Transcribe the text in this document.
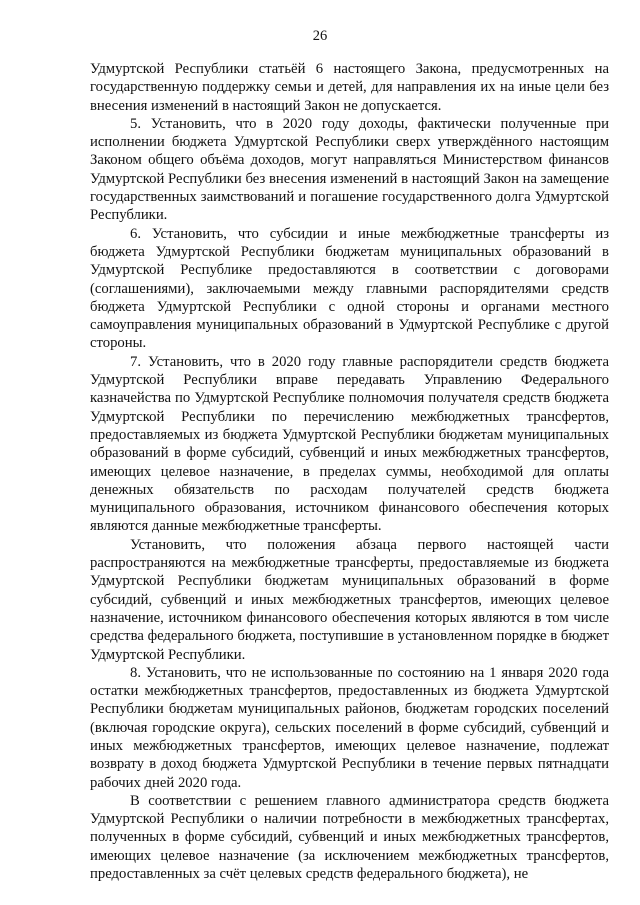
26

Удмуртской Республики статьёй 6 настоящего Закона, предусмотренных на государственную поддержку семьи и детей, для направления их на иные цели без внесения изменений в настоящий Закон не допускается.

5. Установить, что в 2020 году доходы, фактически полученные при исполнении бюджета Удмуртской Республики сверх утверждённого настоящим Законом общего объёма доходов, могут направляться Министерством финансов Удмуртской Республики без внесения изменений в настоящий Закон на замещение государственных заимствований и погашение государственного долга Удмуртской Республики.

6. Установить, что субсидии и иные межбюджетные трансферты из бюджета Удмуртской Республики бюджетам муниципальных образований в Удмуртской Республике предоставляются в соответствии с договорами (соглашениями), заключаемыми между главными распорядителями средств бюджета Удмуртской Республики с одной стороны и органами местного самоуправления муниципальных образований в Удмуртской Республике с другой стороны.

7. Установить, что в 2020 году главные распорядители средств бюджета Удмуртской Республики вправе передавать Управлению Федерального казначейства по Удмуртской Республике полномочия получателя средств бюджета Удмуртской Республики по перечислению межбюджетных трансфертов, предоставляемых из бюджета Удмуртской Республики бюджетам муниципальных образований в форме субсидий, субвенций и иных межбюджетных трансфертов, имеющих целевое назначение, в пределах суммы, необходимой для оплаты денежных обязательств по расходам получателей средств бюджета муниципального образования, источником финансового обеспечения которых являются данные межбюджетные трансферты.

Установить, что положения абзаца первого настоящей части распространяются на межбюджетные трансферты, предоставляемые из бюджета Удмуртской Республики бюджетам муниципальных образований в форме субсидий, субвенций и иных межбюджетных трансфертов, имеющих целевое назначение, источником финансового обеспечения которых являются в том числе средства федерального бюджета, поступившие в установленном порядке в бюджет Удмуртской Республики.

8. Установить, что не использованные по состоянию на 1 января 2020 года остатки межбюджетных трансфертов, предоставленных из бюджета Удмуртской Республики бюджетам муниципальных районов, бюджетам городских поселений (включая городские округа), сельских поселений в форме субсидий, субвенций и иных межбюджетных трансфертов, имеющих целевое назначение, подлежат возврату в доход бюджета Удмуртской Республики в течение первых пятнадцати рабочих дней 2020 года.

В соответствии с решением главного администратора средств бюджета Удмуртской Республики о наличии потребности в межбюджетных трансфертах, полученных в форме субсидий, субвенций и иных межбюджетных трансфертов, имеющих целевое назначение (за исключением межбюджетных трансфертов, предоставленных за счёт целевых средств федерального бюджета), не
